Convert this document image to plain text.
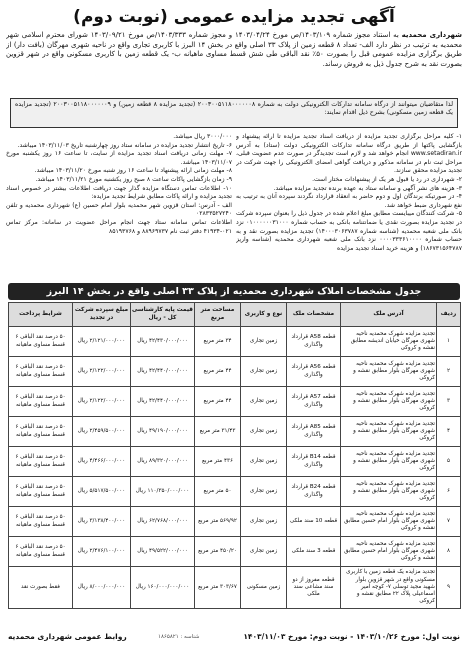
آگهی تجدید مزایده عمومی (نوبت دوم)
شهرداری محمدیه به استناد مجوز شماره ۱۴۰۳/۱۰۹/ص مورخ ۱۴۰۳/۰۴/۲۴ و مجوز شماره ۱۴۰۳/۳۳۳/ص مورخ ۱۴۰۳/۰۹/۲۱ شورای محترم اسلامی شهر محمدیه به ترتیب در نظر دارد الف- تعداد ۸ قطعه زمین از پلاک ۳۳ اصلی واقع در بخش ۱۴ البرز با کاربری تجاری واقع در ناحیه شهری مهرگان (بافت دار) از طریق برگزاری مزایده عمومی قبل را بصورت ۵۰٪ نقد الباقی طی شش قسط مساوی ماهیانه ب- یک قطعه زمین با کاربری مسکونی واقع در شهر قزوین بصورت نقد به شرح جدول ذیل به فروش رساند.
لذا متقاضیان میتوانند از درگاه سامانه تدارکات الکترونیکی دولت به شماره ۲۰۰۳۰۰۵۱۱۸۰۰۰۰۰۰۸ (تجدید مزایده ۸ قطعه زمین) و ۲۰۰۳۰۰۵۱۱۸۰۰۰۰۰۰۹ (تجدید مزایده یک قطعه زمین مسکونی) بشرح ذیل اقدام نمایند:

۱- کلیه مراحل برگزاری تجدید مزایده از دریافت اسناد تجدید مزایده تا ارائه پیشنهاد و بازگشایی پاکتها از طریق درگاه سامانه تدارکات الکترونیکی دولت (ستاد) به آدرس www.setadiran.ir انجام خواهد شد و لازم است تجدیدگر در صورت عدم عضویت قبلی، مراحل ثبت نام در سامانه مذکور و دریافت گواهی امضای الکترونیکی را جهت شرکت در تجدید مزایده محقق سازند.

۲- شهرداری در رد یا قبول هر یک از پیشنهادات مختار است.

۳- هزینه های نشر آگهی و سامانه ستاد به عهده برنده تجدید مزایده میباشد.

۴- در صورتیکه برندگان اول و دوم حاضر به انعقاد قرارداد نگردند سپرده آنان به ترتیب به نفع شهرداری ضبط خواهد شد.

۵- شرکت کنندگان میبایست مطابق مبلغ اعلام شده در جدول ذیل را بعنوان سپرده شرکت در تجدید مزایده بصورت نقدی یا ضمانتنامه بانکی به حساب شماره ۰۱۰۰۰۰۰۰۳۱۰۰۰ نزد بانک ملی شعبه محمدیه (شناسه شماره ۱۴۰۰۰۳۰۶۳۷۸۷) تجدید مزایده بصورت نقد و به حساب شماره ۰۰۰۰۳۳۳۶۱۰۰۰۰ نزد بانک ملی شعبه شهرداری محمدیه (شناسه واریز ۱۸۶۷۳۱۵۶۴۷۸۷) و هزینه خرید اسناد تجدید مزایده

۳۰۰۰/۰۰۰ ریال میباشد.

۶- تاریخ انتشار تجدید مزایده در سامانه ستاد روز چهارشنبه تاریخ ۱۴۰۳/۱۱/۰۳ میباشد.

۷- مهلت زمانی دریافت اسناد تجدید مزایده از سایت، تا ساعت ۱۶ روز یکشنبه مورخ ۱۴۰۳/۱۱/۰۷ میباشد.

۸- مهلت زمانی ارائه پیشنهاد تا ساعت ۱۶ روز شنبه مورخ ۱۴۰۳/۱۱/۲۰ میباشد.

۹- زمان بازگشایی پاکات ساعت ۸ صبح روز یکشنبه مورخ ۱۴۰۳/۱۱/۲۱ میباشد.

۱۰- اطلاعات تماس دستگاه مزایده گذار جهت دریافت اطلاعات بیشتر در خصوص اسناد تجدید مزایده و ارائه پاکات مطابق شرایط تجدید مزایده:

الف - آدرس: استان قزوین شهر محمدیه بلوار امام حسین (ع) شهرداری محمدیه و تلفن ۰۲۸۳۳۵۲۷۲۴۰

اطلاعات تماس سامانه ستاد جهت انجام مراحل عضویت در سامانه: مرکز تماس ۰۲۱-۴۱۹۳۴ دفتر ثبت نام ۸۸۹۶۹۷۳۷ و ۸۵۱۹۳۷۶۸

جدول مشخصات املاک شهرداری محمدیه از پلاک ۳۳ اصلی واقع در بخش ۱۴ البرز
ردیف	آدرس ملک	مشخصات ملک	نوع و کاربری	مساحت متر مربع	قیمت پایه کارشناسی کل - ریال	مبلغ سپرده شرکت در تجدید	شرایط پرداخت
۱	تجدید مزایده شهرک محمدیه ناحیه شهری مهرگان خیابان اندیشه مطابق نقشه و کروکی	قطعه A58 قرارداد واگذاری	زمین تجاری	۳۴ متر مربع	۴۲/۴۳۰/۰۰۰/۰۰۰ ریال	۲/۱۲۱/۰۰۰/۰۰۰ ریال	۵۰ درصد نقد الباقی ۶ قسط مساوی ماهیانه
۲	تجدید مزایده شهرک محمدیه ناحیه شهری مهرگان بلوار مطابق نقشه و کروکی	قطعه A56 قرارداد واگذاری	زمین تجاری	۴۴ متر مربع	۴۲/۴۴۰/۰۰۰/۰۰۰ ریال	۲/۱۲۲/۰۰۰/۰۰۰ ریال	۵۰ درصد نقد الباقی ۶ قسط مساوی ماهیانه
۳	تجدید مزایده شهرک محمدیه ناحیه شهری مهرگان بلوار مطابق نقشه و کروکی	قطعه A57 قرارداد واگذاری	زمین تجاری	۴۴ متر مربع	۴۲/۴۴۰/۰۰۰/۰۰۰ ریال	۲/۱۲۲/۰۰۰/۰۰۰ ریال	۵۰ درصد نقد الباقی ۶ قسط مساوی ماهیانه
۴	تجدید مزایده شهرک محمدیه ناحیه شهری مهرگان بلوار مطابق نقشه و کروکی	قطعه A85 قرارداد واگذاری	زمین تجاری	۳۱/۴۳ متر مربع	۴۹/۱۹۰/۰۰۰/۰۰۰ ریال	۲/۴۵۹/۵۰۰/۰۰۰ ریال	۵۰ درصد نقد الباقی ۶ قسط مساوی ماهیانه
۵	تجدید مزایده شهرک محمدیه ناحیه شهری مهرگان بلوار مطابق نقشه و کروکی	قطعه B14 قرارداد واگذاری	زمین تجاری	۴۳۶ متر مربع	۸۹/۳۲۰/۰۰۰/۰۰۰ ریال	۴/۴۶۶/۰۰۰/۰۰۰ ریال	۵۰ درصد نقد الباقی ۶ قسط مساوی ماهیانه
۶	تجدید مزایده شهرک محمدیه ناحیه شهری مهرگان بلوار مطابق نقشه و کروکی	قطعه B24 قرارداد واگذاری	زمین تجاری	۵۰ متر مربع	۱۱۰/۳۵۰/۰۰۰/۰۰۰ ریال	۵/۵۱۷/۵۰۰/۰۰۰ ریال	۵۰ درصد نقد الباقی ۶ قسط مساوی ماهیانه
۷	تجدید مزایده شهرک محمدیه ناحیه شهری مهرگان بلوار امام حسین مطابق نقشه و کروکی	قطعه 10 سند ملکی	زمین تجاری	۵۶۹/۹۲ متر مربع	۶۲/۷۶۸/۰۰۰/۰۰۰ ریال	۳/۱۳۸/۴۰۰/۰۰۰ ریال	۵۰ درصد نقد الباقی ۶ قسط مساوی ماهیانه
۸	تجدید مزایده شهرک محمدیه ناحیه شهری مهرگان بلوار امام حسین مطابق نقشه و کروکی	قطعه 3 سند ملکی	زمین تجاری	۴۵۰/۲۰ متر مربع	۴۹/۵۲۲/۰۰۰/۰۰۰ ریال	۲/۴۷۶/۱۰۰/۰۰۰ ریال	۵۰ درصد نقد الباقی ۶ قسط مساوی ماهیانه
۹	تجدید مزایده یک قطعه زمین با کاربری مسکونی واقع در شهر قزوین بلوار شهید مجید توسلی ۷- کوچه امیر اسماعیلی پلاک ۲۲ مطابق نقشه و کروکی	قطعه مفروز از دو سند مشاعی سند ملکی	زمین مسکونی	۳۰۳/۶۷ متر مربع	۱۶۰/۰۰۰/۰۰۰/۰۰۰ ریال	۸/۰۰۰/۰۰۰/۰۰۰ ریال	فقط بصورت نقد
نوبت اول: مورخ ۱۴۰۳/۱۰/۲۶ - نوبت دوم: مورخ ۱۴۰۳/۱۱/۰۳
شناسه : ۱۸۶۵۸۲۱
روابط عمومی شهرداری محمدیه
